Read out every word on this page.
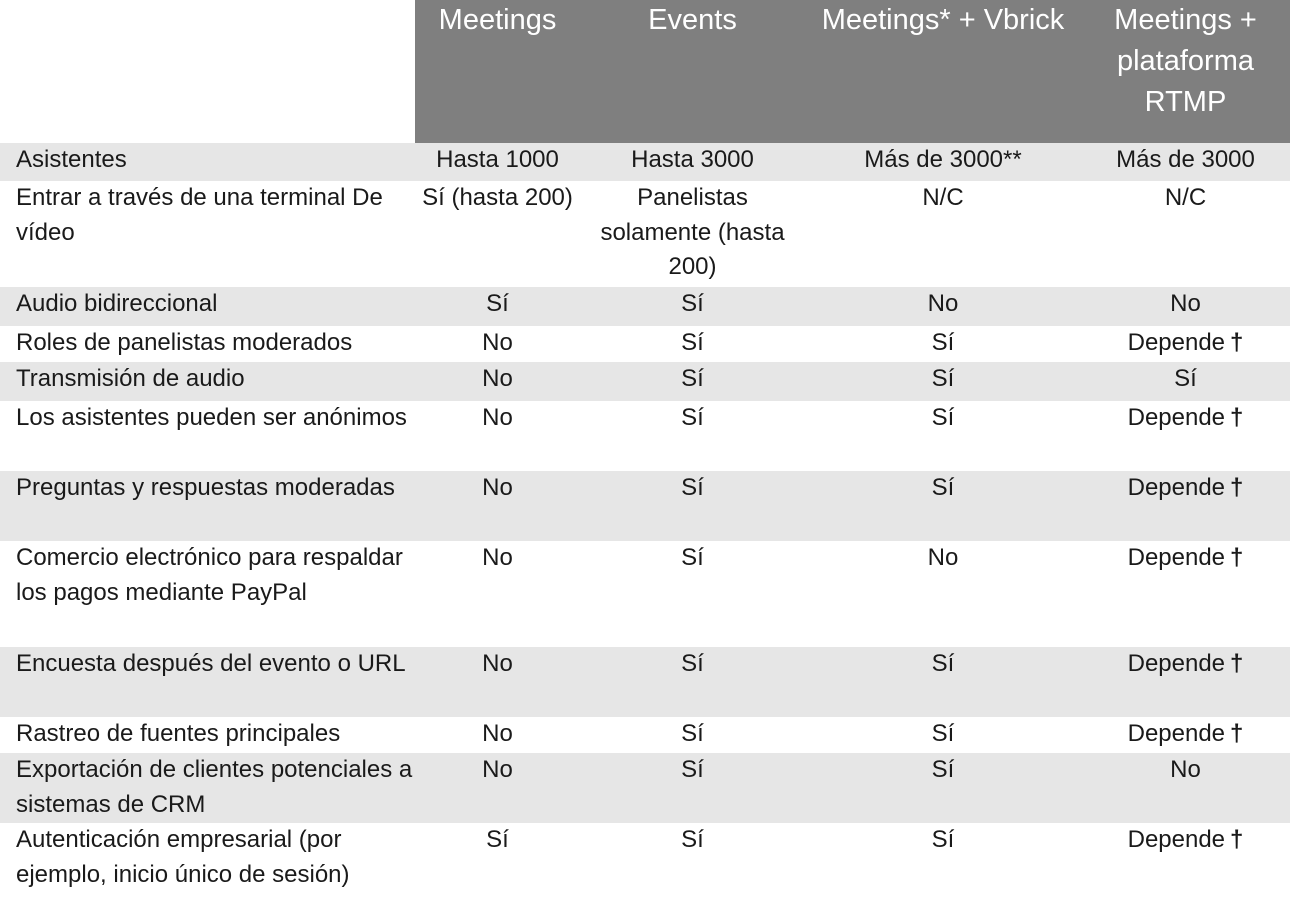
	Meetings	Events	Meetings* + Vbrick	Meetings + plataforma RTMP
Asistentes	Hasta 1000	Hasta 3000	Más de 3000**	Más de 3000
Entrar a través de una terminal De vídeo	Sí (hasta 200)	Panelistas solamente (hasta 200)	N/C	N/C
Audio bidireccional	Sí	Sí	No	No
Roles de panelistas moderados	No	Sí	Sí	Depende †
Transmisión de audio	No	Sí	Sí	Sí
Los asistentes pueden ser anónimos	No	Sí	Sí	Depende †
Preguntas y respuestas moderadas	No	Sí	Sí	Depende †
Comercio electrónico para respaldar los pagos mediante PayPal	No	Sí	No	Depende †
Encuesta después del evento o URL	No	Sí	Sí	Depende †
Rastreo de fuentes principales	No	Sí	Sí	Depende †
Exportación de clientes potenciales a sistemas de CRM	No	Sí	Sí	No
Autenticación empresarial (por ejemplo, inicio único de sesión)	Sí	Sí	Sí	Depende †
